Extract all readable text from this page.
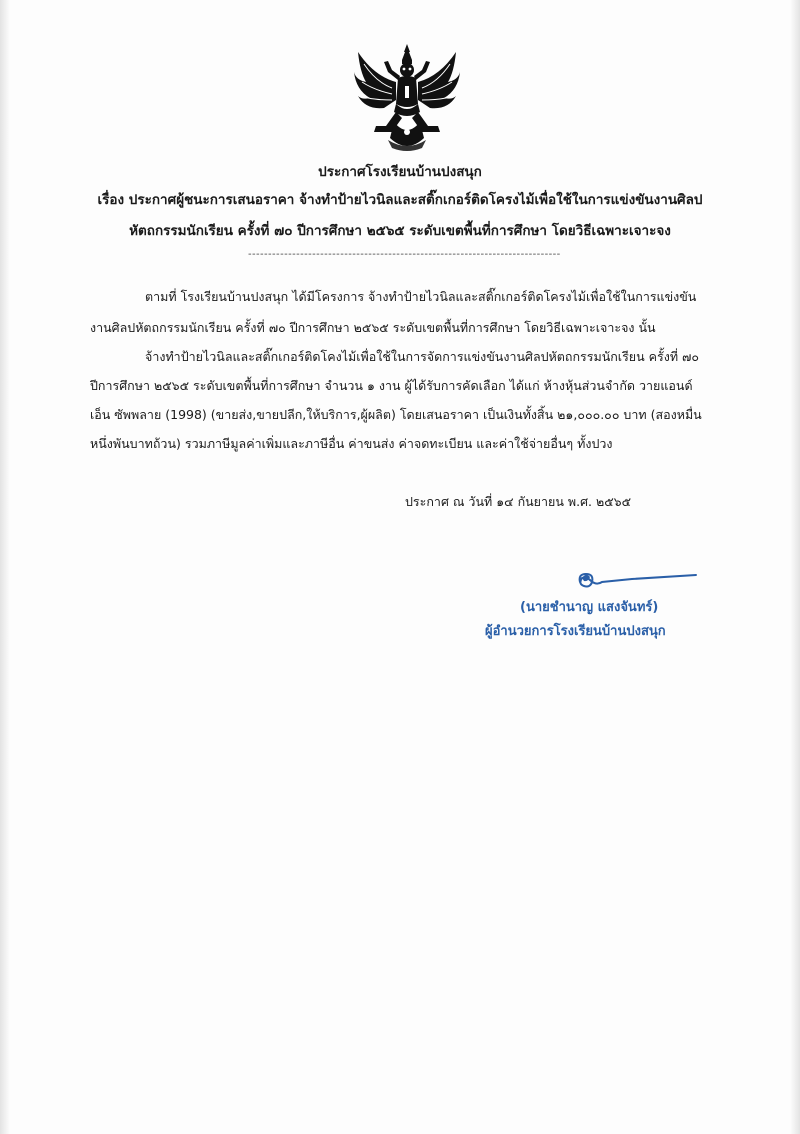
ประกาศโรงเรียนบ้านปงสนุก
เรื่อง ประกาศผู้ชนะการเสนอราคา จ้างทำป้ายไวนิลและสติ๊กเกอร์ติดโครงไม้เพื่อใช้ในการแข่งขันงานศิลป
หัตถกรรมนักเรียน ครั้งที่ ๗๐ ปีการศึกษา ๒๕๖๕ ระดับเขตพื้นที่การศึกษา โดยวิธีเฉพาะเจาะจง
------------------------------------------------------------------------------
ตามที่ โรงเรียนบ้านปงสนุก ได้มีโครงการ จ้างทำป้ายไวนิลและสติ๊กเกอร์ติดโครงไม้เพื่อใช้ในการแข่งขัน
งานศิลปหัตถกรรมนักเรียน ครั้งที่ ๗๐ ปีการศึกษา ๒๕๖๕ ระดับเขตพื้นที่การศึกษา โดยวิธีเฉพาะเจาะจง นั้น
จ้างทำป้ายไวนิลและสติ๊กเกอร์ติดโคงไม้เพื่อใช้ในการจัดการแข่งขันงานศิลปหัตถกรรมนักเรียน ครั้งที่ ๗๐
ปีการศึกษา ๒๕๖๕ ระดับเขตพื้นที่การศึกษา จำนวน ๑ งาน ผู้ได้รับการคัดเลือก ได้แก่ ห้างหุ้นส่วนจำกัด วายแอนด์
เอ็น ซัพพลาย (1998) (ขายส่ง,ขายปลีก,ให้บริการ,ผู้ผลิต) โดยเสนอราคา เป็นเงินทั้งสิ้น ๒๑,๐๐๐.๐๐ บาท (สองหมื่น
หนึ่งพันบาทถ้วน) รวมภาษีมูลค่าเพิ่มและภาษีอื่น ค่าขนส่ง ค่าจดทะเบียน และค่าใช้จ่ายอื่นๆ ทั้งปวง
ประกาศ ณ วันที่ ๑๔ กันยายน พ.ศ. ๒๕๖๕
(นายชำนาญ แสงจันทร์)
ผู้อำนวยการโรงเรียนบ้านปงสนุก
